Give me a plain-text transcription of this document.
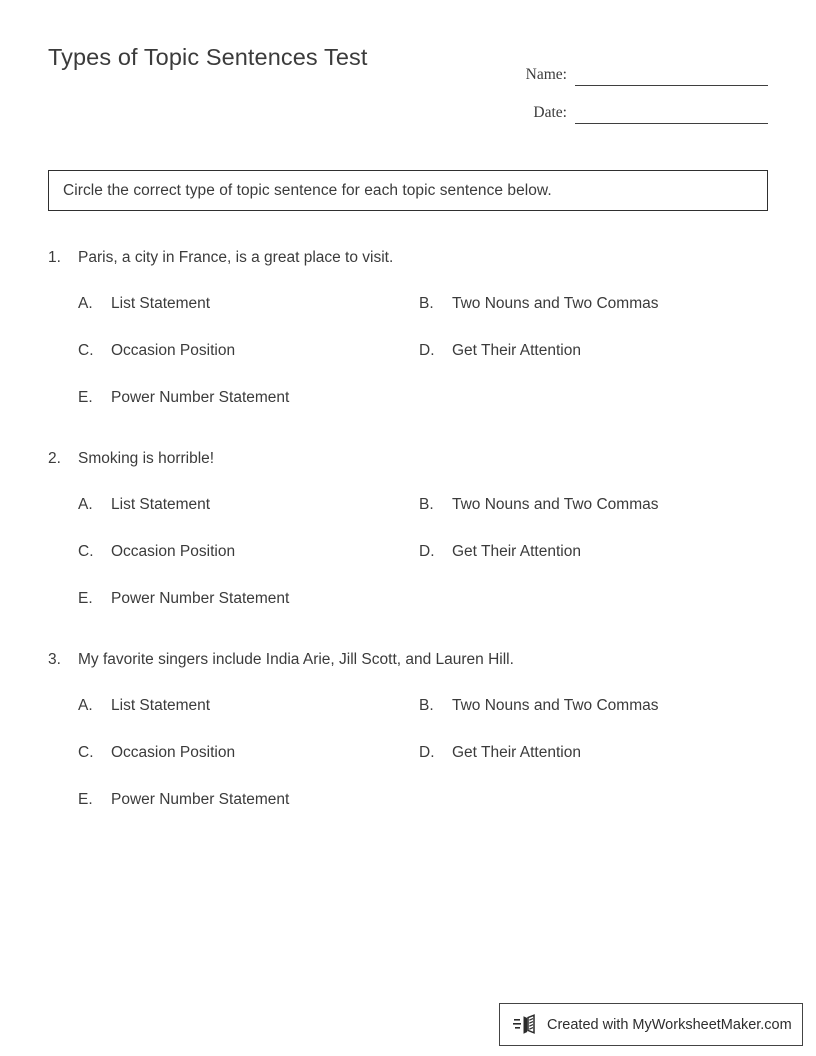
Types of Topic Sentences Test
Name:
Date:
Circle the correct type of topic sentence for each topic sentence below.
1.	Paris, a city in France, is a great place to visit.
A.	List Statement	B.	Two Nouns and Two Commas
C.	Occasion Position	D.	Get Their Attention
E.	Power Number Statement
2.	Smoking is horrible!
A.	List Statement	B.	Two Nouns and Two Commas
C.	Occasion Position	D.	Get Their Attention
E.	Power Number Statement
3.	My favorite singers include India Arie, Jill Scott, and Lauren Hill.
A.	List Statement	B.	Two Nouns and Two Commas
C.	Occasion Position	D.	Get Their Attention
E.	Power Number Statement
Created with MyWorksheetMaker.com
